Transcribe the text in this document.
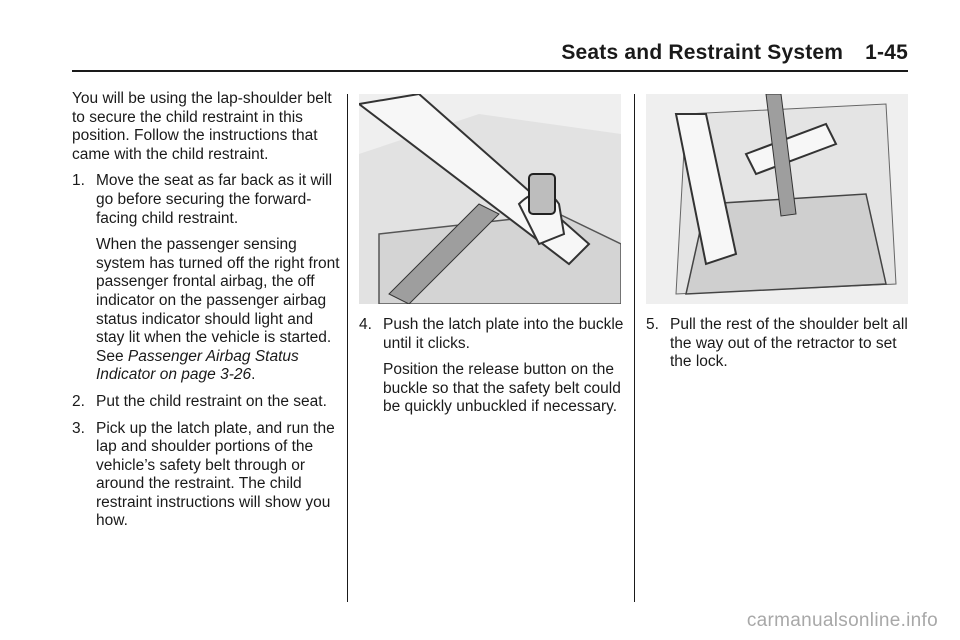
Seats and Restraint System 1-45

You will be using the lap-shoulder belt to secure the child restraint in this position. Follow the instructions that came with the child restraint.

1. Move the seat as far back as it will go before securing the forward-facing child restraint.

When the passenger sensing system has turned off the right front passenger frontal airbag, the off indicator on the passenger airbag status indicator should light and stay lit when the vehicle is started. See Passenger Airbag Status Indicator on page 3-26.

2. Put the child restraint on the seat.
3. Pick up the latch plate, and run the lap and shoulder portions of the vehicle’s safety belt through or around the restraint. The child restraint instructions will show you how.
4. Push the latch plate into the buckle until it clicks.

Position the release button on the buckle so that the safety belt could be quickly unbuckled if necessary.

5. Pull the rest of the shoulder belt all the way out of the retractor to set the lock.
carmanualsonline.info
